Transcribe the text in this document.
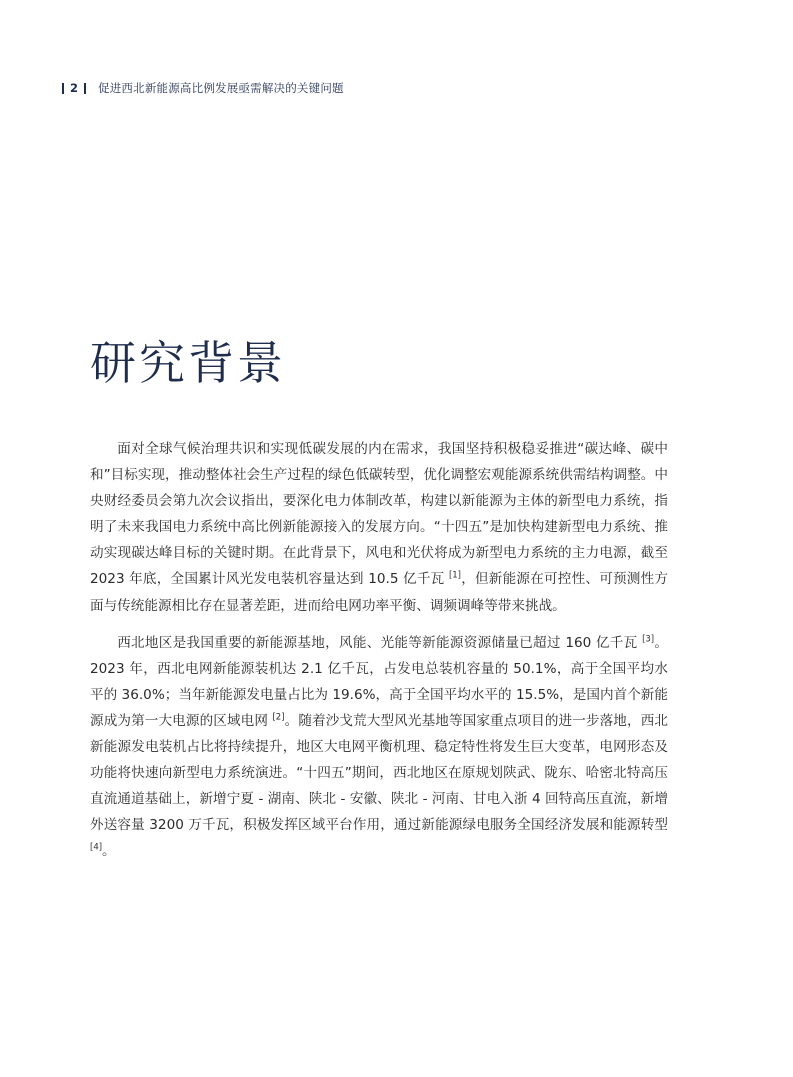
2 促进西北新能源高比例发展亟需解决的关键问题
研究背景

面对全球气候治理共识和实现低碳发展的内在需求，我国坚持积极稳妥推进“碳达峰、碳中和”目标实现，推动整体社会生产过程的绿色低碳转型，优化调整宏观能源系统供需结构调整。中央财经委员会第九次会议指出，要深化电力体制改革，构建以新能源为主体的新型电力系统，指明了未来我国电力系统中高比例新能源接入的发展方向。“十四五”是加快构建新型电力系统、推动实现碳达峰目标的关键时期。在此背景下，风电和光伏将成为新型电力系统的主力电源，截至 2023 年底，全国累计风光发电装机容量达到 10.5 亿千瓦 [1]，但新能源在可控性、可预测性方面与传统能源相比存在显著差距，进而给电网功率平衡、调频调峰等带来挑战。

西北地区是我国重要的新能源基地，风能、光能等新能源资源储量已超过 160 亿千瓦 [3]。2023 年，西北电网新能源装机达 2.1 亿千瓦，占发电总装机容量的 50.1%，高于全国平均水平的 36.0%；当年新能源发电量占比为 19.6%，高于全国平均水平的 15.5%，是国内首个新能源成为第一大电源的区域电网 [2]。随着沙戈荒大型风光基地等国家重点项目的进一步落地，西北新能源发电装机占比将持续提升，地区大电网平衡机理、稳定特性将发生巨大变革，电网形态及功能将快速向新型电力系统演进。“十四五”期间，西北地区在原规划陕武、陇东、哈密北特高压直流通道基础上，新增宁夏 - 湖南、陕北 - 安徽、陕北 - 河南、甘电入浙 4 回特高压直流，新增外送容量 3200 万千瓦，积极发挥区域平台作用，通过新能源绿电服务全国经济发展和能源转型 [4]。
